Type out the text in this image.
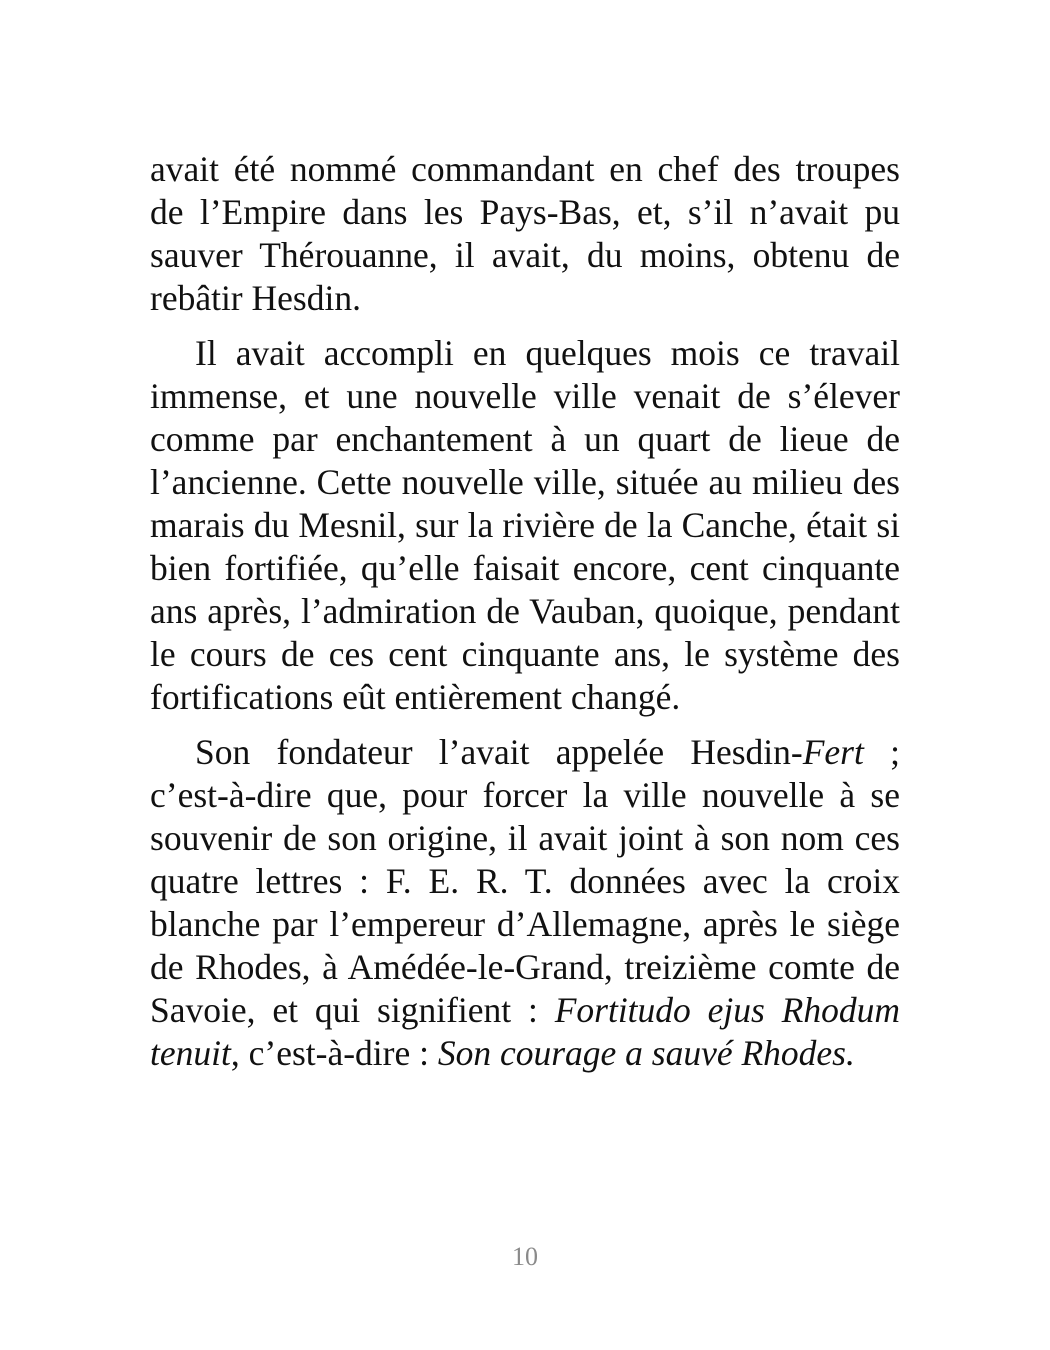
avait été nommé commandant en chef des troupes de l’Empire dans les Pays-Bas, et, s’il n’avait pu sauver Thérouanne, il avait, du moins, obtenu de rebâtir Hesdin.

Il avait accompli en quelques mois ce travail immense, et une nouvelle ville venait de s’élever comme par enchantement à un quart de lieue de l’ancienne. Cette nouvelle ville, située au milieu des marais du Mesnil, sur la rivière de la Canche, était si bien fortifiée, qu’elle faisait encore, cent cinquante ans après, l’admiration de Vauban, quoique, pendant le cours de ces cent cinquante ans, le système des fortifications eût entièrement changé.

Son fondateur l’avait appelée Hesdin-Fert ; c’est-à-dire que, pour forcer la ville nouvelle à se souvenir de son origine, il avait joint à son nom ces quatre lettres : F. E. R. T. données avec la croix blanche par l’empereur d’Allemagne, après le siège de Rhodes, à Amédée-le-Grand, treizième comte de Savoie, et qui signifient : Fortitudo ejus Rhodum tenuit, c’est-à-dire : Son courage a sauvé Rhodes.

10
